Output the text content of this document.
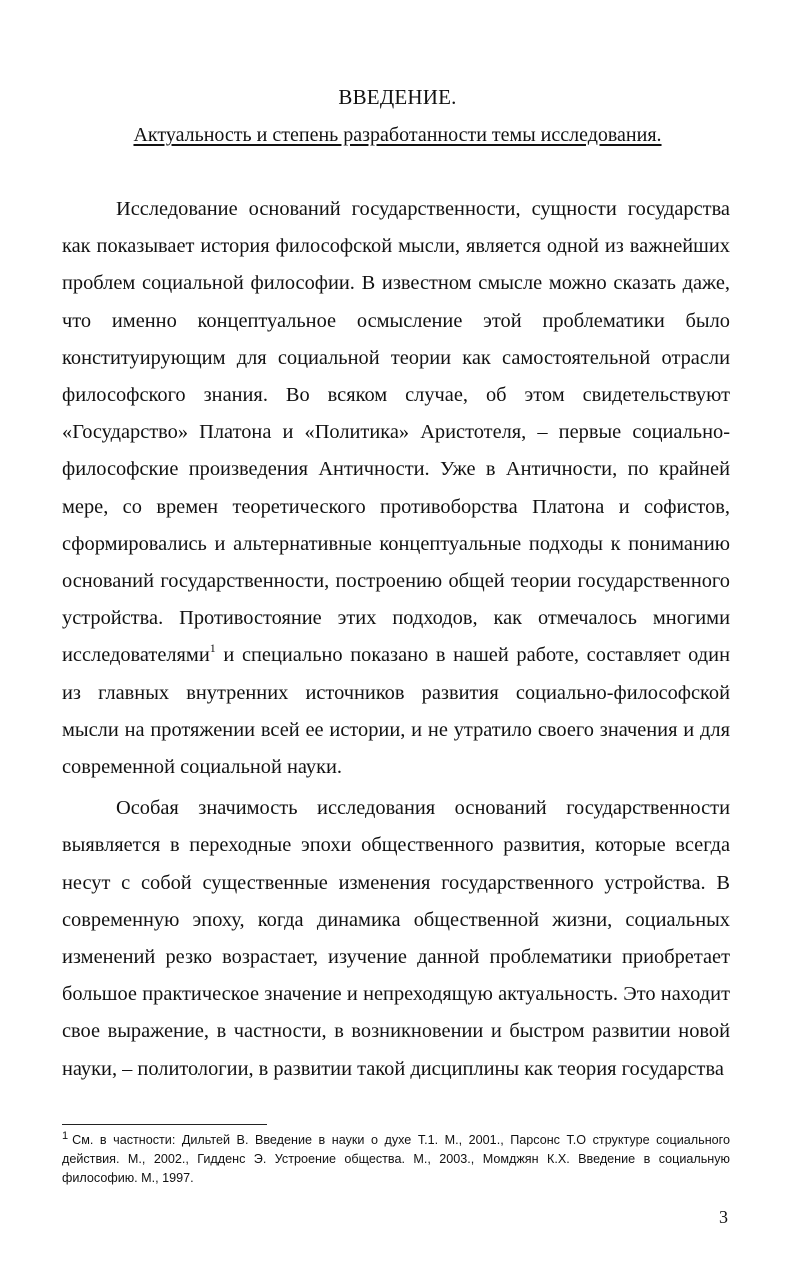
ВВЕДЕНИЕ.
Актуальность и степень разработанности темы исследования.

Исследование оснований государственности, сущности государства как показывает история философской мысли, является одной из важнейших проблем социальной философии. В известном смысле можно сказать даже, что именно концептуальное осмысление этой проблематики было конституирующим для социальной теории как самостоятельной отрасли философского знания. Во всяком случае, об этом свидетельствуют «Государство» Платона и «Политика» Аристотеля, – первые социально-философские произведения Античности. Уже в Античности, по крайней мере, со времен теоретического противоборства Платона и софистов, сформировались и альтернативные концептуальные подходы к пониманию оснований государственности, построению общей теории государственного устройства. Противостояние этих подходов, как отмечалось многими исследователями$^1$ и специально показано в нашей работе, составляет один из главных внутренних источников развития социально-философской мысли на протяжении всей ее истории, и не утратило своего значения и для современной социальной науки.

Особая значимость исследования оснований государственности выявляется в переходные эпохи общественного развития, которые всегда несут с собой существенные изменения государственного устройства. В современную эпоху, когда динамика общественной жизни, социальных изменений резко возрастает, изучение данной проблематики приобретает большое практическое значение и непреходящую актуальность. Это находит свое выражение, в частности, в возникновении и быстром развитии новой науки, – политологии, в развитии такой дисциплины как теория государства

$^1$ См. в частности: Дильтей В. Введение в науки о духе Т.1. М., 2001., Парсонс Т.О структуре социального действия. М., 2002., Гидденс Э. Устроение общества. М., 2003., Момджян К.Х. Введение в социальную философию. М., 1997.
3
